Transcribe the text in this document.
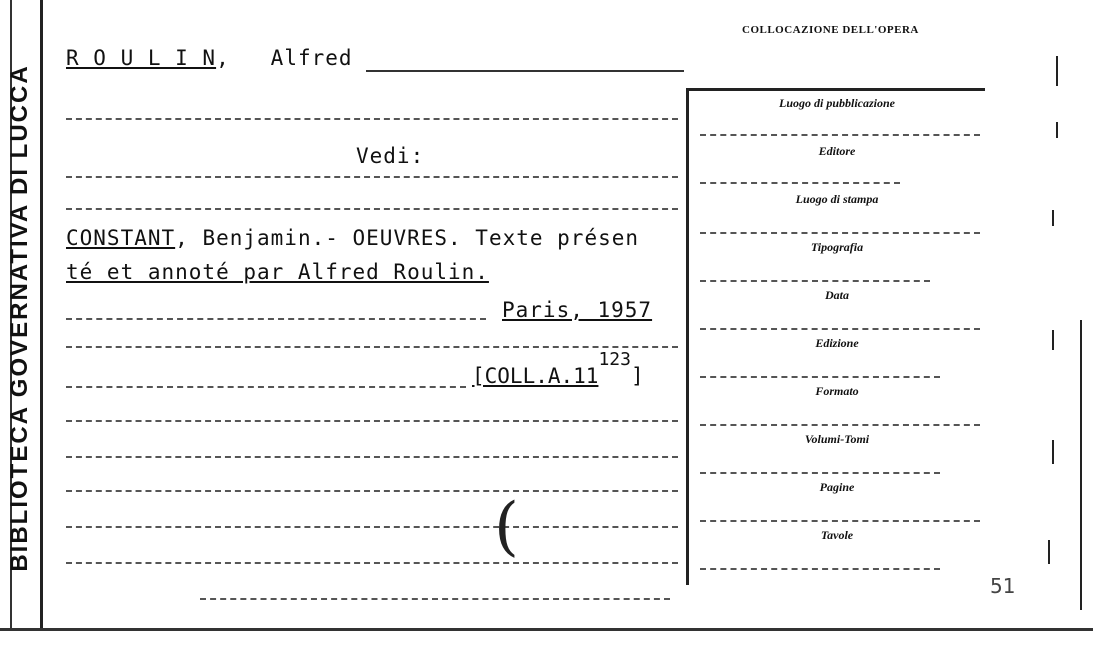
BIBLIOTECA GOVERNATIVA DI LUCCA
COLLOCAZIONE DELL'OPERA
R O U L I N, Alfred
Vedi:
CONSTANT, Benjamin.- OEUVRES. Texte présen
té et annoté par Alfred Roulin.
Paris, 1957
[COLL.A.11123]
(
Luogo di pubblicazione
Editore
Luogo di stampa
Tipografia
Data
Edizione
Formato
Volumi-Tomi
Pagine
Tavole
51
